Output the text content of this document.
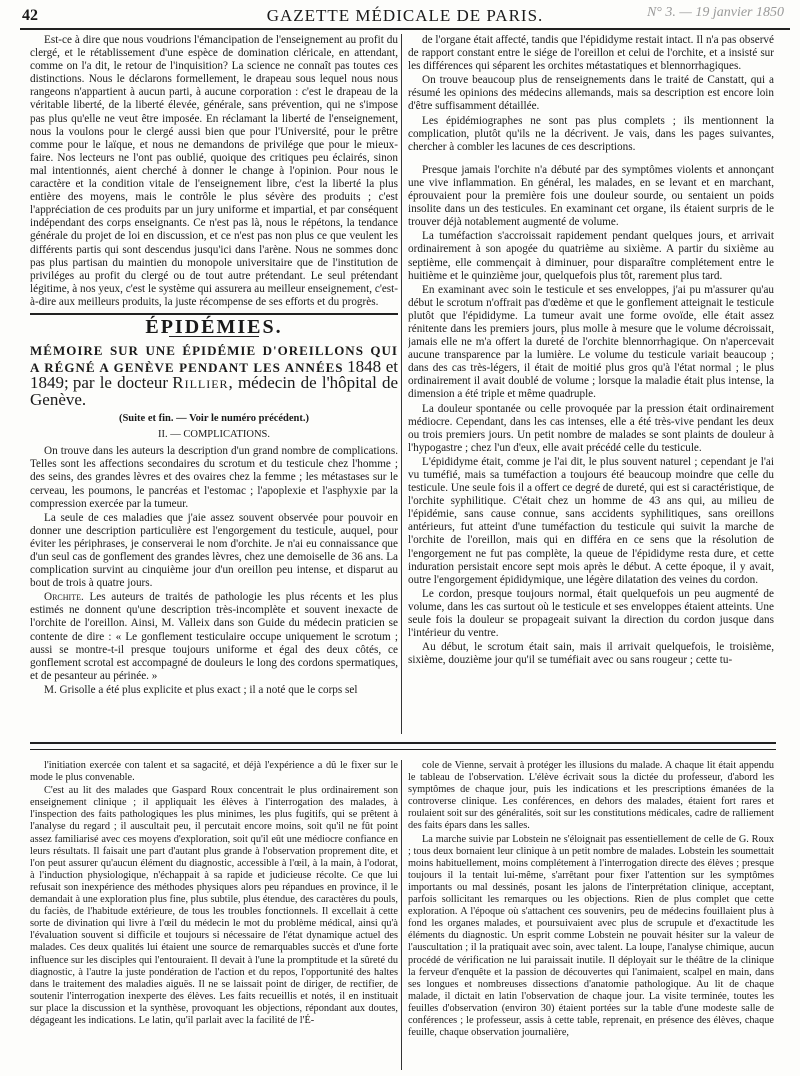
42	GAZETTE MÉDICALE DE PARIS.	N° 3. — 19 janvier 1850

Est-ce à dire que nous voudrions l'émancipation de l'enseignement au profit du clergé, et le rétablissement d'une espèce de domination cléricale, en attendant, comme on l'a dit, le retour de l'inquisition? La science ne connaît pas toutes ces distinctions. Nous le déclarons formellement, le drapeau sous lequel nous nous rangeons n'appartient à aucun parti, à aucune corporation : c'est le drapeau de la véritable liberté, de la liberté élevée, générale, sans prévention, qui ne s'impose pas plus qu'elle ne veut être imposée. En réclamant la liberté de l'enseignement, nous la voulons pour le clergé aussi bien que pour l'Université, pour le prêtre comme pour le laïque, et nous ne demandons de privilége que pour le mieux-faire. Nos lecteurs ne l'ont pas oublié, quoique des critiques peu éclairés, sinon mal intentionnés, aient cherché à donner le change à l'opinion. Pour nous le caractère et la condition vitale de l'enseignement libre, c'est la liberté la plus entière des moyens, mais le contrôle le plus sévère des produits ; c'est l'appréciation de ces produits par un jury uniforme et impartial, et par conséquent indépendant des corps enseignants. Ce n'est pas là, nous le répétons, la tendance générale du projet de loi en discussion, et ce n'est pas non plus ce que veulent les différents partis qui sont descendus jusqu'ici dans l'arène. Nous ne sommes donc pas plus partisan du maintien du monopole universitaire que de l'institution de priviléges au profit du clergé ou de tout autre prétendant. Le seul prétendant légitime, à nos yeux, c'est le système qui assurera au meilleur enseignement, c'est-à-dire aux meilleurs produits, la juste récompense de ses efforts et du progrès.

ÉPIDÉMIES.
MÉMOIRE SUR UNE ÉPIDÉMIE D'OREILLONS QUI A RÉGNÉ A GENÈVE PENDANT LES ANNÉES 1848 et 1849; par le docteur Rillier, médecin de l'hôpital de Genève.
(Suite et fin. — Voir le numéro précédent.)
II. — COMPLICATIONS.

On trouve dans les auteurs la description d'un grand nombre de complications. Telles sont les affections secondaires du scrotum et du testicule chez l'homme ; des seins, des grandes lèvres et des ovaires chez la femme ; les métastases sur le cerveau, les poumons, le pancréas et l'estomac ; l'apoplexie et l'asphyxie par la compression exercée par la tumeur.

La seule de ces maladies que j'aie assez souvent observée pour pouvoir en donner une description particulière est l'engorgement du testicule, auquel, pour éviter les périphrases, je conserverai le nom d'orchite. Je n'ai eu connaissance que d'un seul cas de gonflement des grandes lèvres, chez une demoiselle de 36 ans. La complication survint au cinquième jour d'un oreillon peu intense, et disparut au bout de trois à quatre jours.

Orchite. Les auteurs de traités de pathologie les plus récents et les plus estimés ne donnent qu'une description très-incomplète et souvent inexacte de l'orchite de l'oreillon. Ainsi, M. Valleix dans son Guide du médecin praticien se contente de dire : « Le gonflement testiculaire occupe uniquement le scrotum ; aussi se montre-t-il presque toujours uniforme et égal des deux côtés, ce gonflement scrotal est accompagné de douleurs le long des cordons spermatiques, et de pesanteur au périnée. »

M. Grisolle a été plus explicite et plus exact ; il a noté que le corps sel

de l'organe était affecté, tandis que l'épididyme restait intact. Il n'a pas observé de rapport constant entre le siége de l'oreillon et celui de l'orchite, et a insisté sur les différences qui séparent les orchites métastatiques et blennorrhagiques.

On trouve beaucoup plus de renseignements dans le traité de Canstatt, qui a résumé les opinions des médecins allemands, mais sa description est encore loin d'être suffisamment détaillée.

Les épidémiographes ne sont pas plus complets ; ils mentionnent la complication, plutôt qu'ils ne la décrivent. Je vais, dans les pages suivantes, chercher à combler les lacunes de ces descriptions.

Presque jamais l'orchite n'a débuté par des symptômes violents et annonçant une vive inflammation. En général, les malades, en se levant et en marchant, éprouvaient pour la première fois une douleur sourde, ou sentaient un poids insolite dans un des testicules. En examinant cet organe, ils étaient surpris de le trouver déjà notablement augmenté de volume.

La tuméfaction s'accroissait rapidement pendant quelques jours, et arrivait ordinairement à son apogée du quatrième au sixième. A partir du sixième au septième, elle commençait à diminuer, pour disparaître complétement entre le huitième et le quinzième jour, quelquefois plus tôt, rarement plus tard.

En examinant avec soin le testicule et ses enveloppes, j'ai pu m'assurer qu'au début le scrotum n'offrait pas d'œdème et que le gonflement atteignait le testicule plutôt que l'épididyme. La tumeur avait une forme ovoïde, elle était assez rénitente dans les premiers jours, plus molle à mesure que le volume décroissait, jamais elle ne m'a offert la dureté de l'orchite blennorrhagique. On n'apercevait aucune transparence par la lumière. Le volume du testicule variait beaucoup ; dans des cas très-légers, il était de moitié plus gros qu'à l'état normal ; le plus ordinairement il avait doublé de volume ; lorsque la maladie était plus intense, la dimension a été triple et même quadruple.

La douleur spontanée ou celle provoquée par la pression était ordinairement médiocre. Cependant, dans les cas intenses, elle a été très-vive pendant les deux ou trois premiers jours. Un petit nombre de malades se sont plaints de douleur à l'hypogastre ; chez l'un d'eux, elle avait précédé celle du testicule.

L'épididyme était, comme je l'ai dit, le plus souvent naturel ; cependant je l'ai vu tuméfié, mais sa tuméfaction a toujours été beaucoup moindre que celle du testicule. Une seule fois il a offert ce degré de dureté, qui est si caractéristique, de l'orchite syphilitique. C'était chez un homme de 43 ans qui, au milieu de l'épidémie, sans cause connue, sans accidents syphilitiques, sans oreillons antérieurs, fut atteint d'une tuméfaction du testicule qui suivit la marche de l'orchite de l'oreillon, mais qui en différa en ce sens que la résolution de l'engorgement ne fut pas complète, la queue de l'épididyme resta dure, et cette induration persistait encore sept mois après le début. A cette époque, il y avait, outre l'engorgement épididymique, une légère dilatation des veines du cordon.

Le cordon, presque toujours normal, était quelquefois un peu augmenté de volume, dans les cas surtout où le testicule et ses enveloppes étaient atteints. Une seule fois la douleur se propageait suivant la direction du cordon jusque dans l'intérieur du ventre.

Au début, le scrotum était sain, mais il arrivait quelquefois, le troisième, sixième, douzième jour qu'il se tuméfiait avec ou sans rougeur ; cette tu-

l'initiation exercée con talent et sa sagacité, et déjà l'expérience a dû le fixer sur le mode le plus convenable.

C'est au lit des malades que Gaspard Roux concentrait le plus ordinairement son enseignement clinique ; il appliquait les élèves à l'interrogation des malades, à l'inspection des faits pathologiques les plus minimes, les plus fugitifs, qui se prêtent à l'analyse du regard ; il auscultait peu, il percutait encore moins, soit qu'il ne fût point assez familiarisé avec ces moyens d'exploration, soit qu'il eût une médiocre confiance en leurs résultats. Il faisait une part d'autant plus grande à l'observation proprement dite, et l'on peut assurer qu'aucun élément du diagnostic, accessible à l'œil, à la main, à l'odorat, à l'induction physiologique, n'échappait à sa rapide et judicieuse récolte. Ce que lui refusait son inexpérience des méthodes physiques alors peu répandues en province, il le demandait à une exploration plus fine, plus subtile, plus étendue, des caractères du pouls, du faciès, de l'habitude extérieure, de tous les troubles fonctionnels. Il excellait à cette sorte de divination qui livre à l'œil du médecin le mot du problème médical, ainsi qu'à l'évaluation souvent si difficile et toujours si nécessaire de l'état dynamique actuel des malades. Ces deux qualités lui étaient une source de remarquables succès et d'une forte influence sur les disciples qui l'entouraient. Il devait à l'une la promptitude et la sûreté du diagnostic, à l'autre la juste pondération de l'action et du repos, l'opportunité des haltes dans le traitement des maladies aiguës. Il ne se laissait point de diriger, de rectifier, de soutenir l'interrogation inexperte des élèves. Les faits recueillis et notés, il en instituait sur place la discussion et la synthèse, provoquant les objections, répondant aux doutes, dégageant les indications. Le latin, qu'il parlait avec la facilité de l'É-

cole de Vienne, servait à protéger les illusions du malade. A chaque lit était appendu le tableau de l'observation. L'élève écrivait sous la dictée du professeur, d'abord les symptômes de chaque jour, puis les indications et les prescriptions émanées de la controverse clinique. Les conférences, en dehors des malades, étaient fort rares et roulaient soit sur des généralités, soit sur les constitutions médicales, cadre de ralliement des faits épars dans les salles.

La marche suivie par Lobstein ne s'éloignait pas essentiellement de celle de G. Roux ; tous deux bornaient leur clinique à un petit nombre de malades. Lobstein les soumettait moins habituellement, moins complétement à l'interrogation directe des élèves ; presque toujours il la tentait lui-même, s'arrêtant pour fixer l'attention sur les symptômes importants ou mal dessinés, posant les jalons de l'interprétation clinique, acceptant, parfois sollicitant les remarques ou les objections. Rien de plus complet que cette exploration. A l'époque où s'attachent ces souvenirs, peu de médecins fouillaient plus à fond les organes malades, et poursuivaient avec plus de scrupule et d'exactitude les éléments du diagnostic. Un esprit comme Lobstein ne pouvait hésiter sur la valeur de l'auscultation ; il la pratiquait avec soin, avec talent. La loupe, l'analyse chimique, aucun procédé de vérification ne lui paraissait inutile. Il déployait sur le théâtre de la clinique la ferveur d'enquête et la passion de découvertes qui l'animaient, scalpel en main, dans ses longues et nombreuses dissections d'anatomie pathologique. Au lit de chaque malade, il dictait en latin l'observation de chaque jour. La visite terminée, toutes les feuilles d'observation (environ 30) étaient portées sur la table d'une modeste salle de conférences ; le professeur, assis à cette table, reprenait, en présence des élèves, chaque feuille, chaque observation journalière,
